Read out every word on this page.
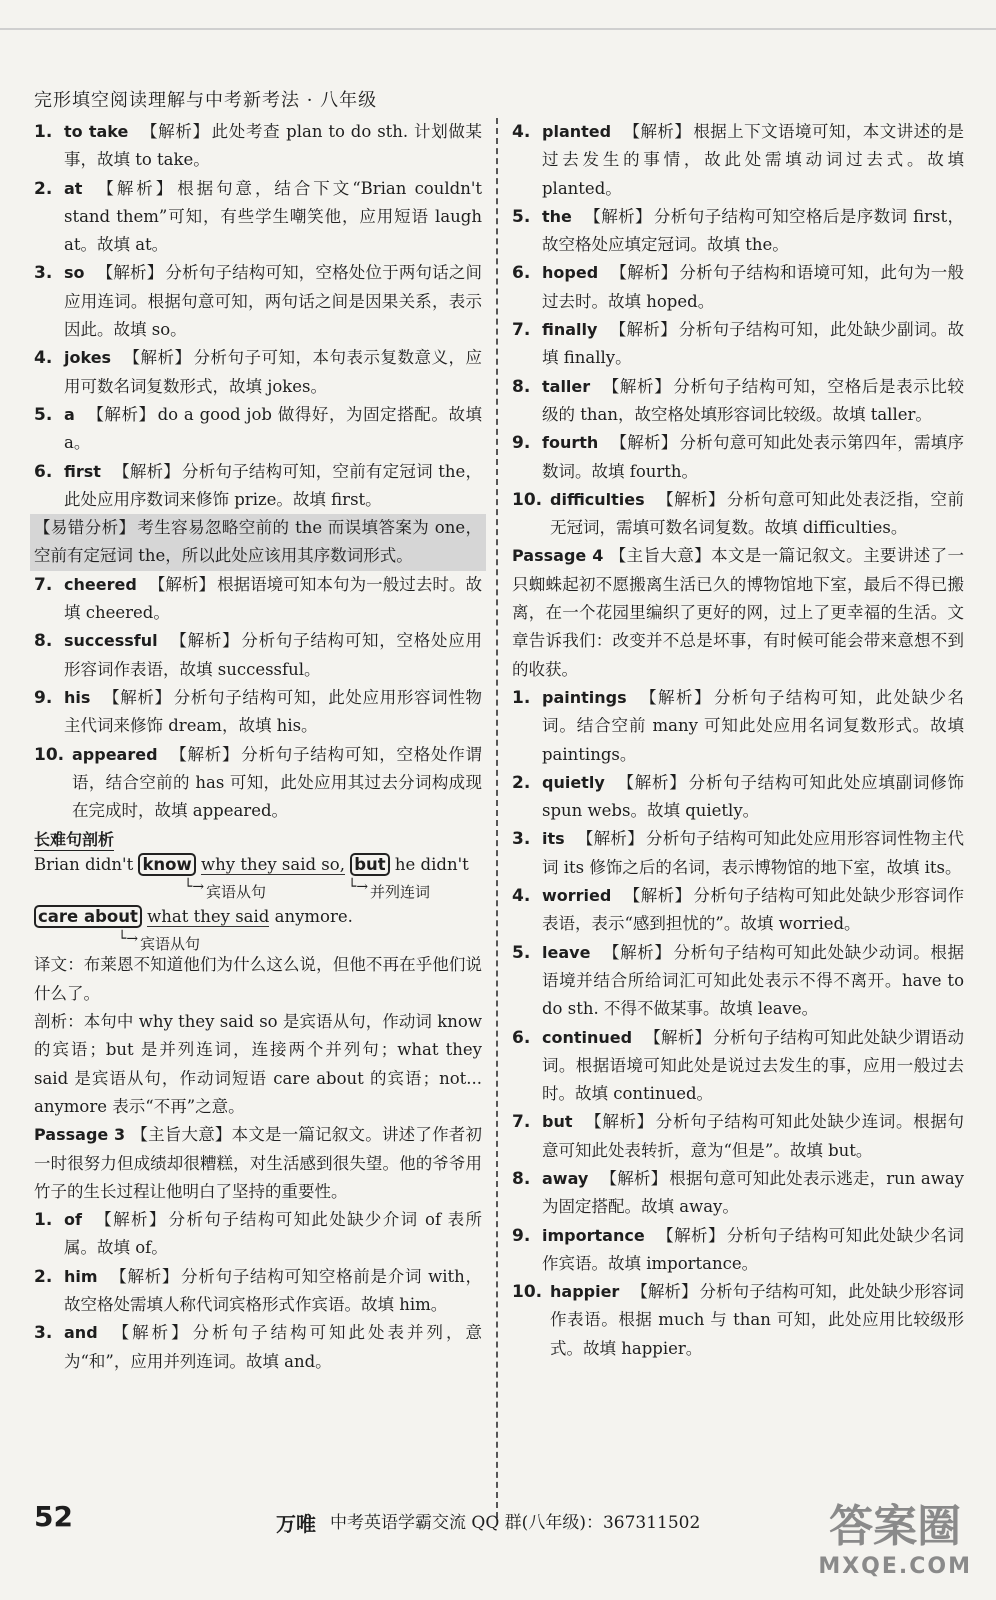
完形填空阅读理解与中考新考法 · 八年级
1. to take 【解析】 此处考查 plan to do sth. 计划做某事，故填 to take。
2. at 【解析】 根据句意，结合下文“Brian couldn't stand them”可知，有些学生嘲笑他，应用短语 laugh at。故填 at。
3. so 【解析】 分析句子结构可知，空格处位于两句话之间应用连词。根据句意可知，两句话之间是因果关系，表示因此。故填 so。
4. jokes 【解析】 分析句子可知，本句表示复数意义，应用可数名词复数形式，故填 jokes。
5. a 【解析】 do a good job 做得好，为固定搭配。故填 a。
6. first 【解析】 分析句子结构可知，空前有定冠词 the，此处应用序数词来修饰 prize。故填 first。
【易错分析】 考生容易忽略空前的 the 而误填答案为 one，空前有定冠词 the，所以此处应该用其序数词形式。
7. cheered 【解析】 根据语境可知本句为一般过去时。故填 cheered。
8. successful 【解析】 分析句子结构可知，空格处应用形容词作表语，故填 successful。
9. his 【解析】 分析句子结构可知，此处应用形容词性物主代词来修饰 dream，故填 his。
10. appeared 【解析】 分析句子结构可知，空格处作谓语，结合空前的 has 可知，此处应用其过去分词构成现在完成时，故填 appeared。
长难句剖析
Brian didn't know why they said so, but he didn't
└→ 宾语从句	└→ 并列连词
care about what they said anymore.
└→ 宾语从句
译文：布莱恩不知道他们为什么这么说，但他不再在乎他们说什么了。
剖析：本句中 why they said so 是宾语从句，作动词 know 的宾语；but 是并列连词，连接两个并列句；what they said 是宾语从句，作动词短语 care about 的宾语；not... anymore 表示“不再”之意。
Passage 3 【主旨大意】本文是一篇记叙文。讲述了作者初一时很努力但成绩却很糟糕，对生活感到很失望。他的爷爷用竹子的生长过程让他明白了坚持的重要性。
1. of 【解析】 分析句子结构可知此处缺少介词 of 表所属。故填 of。
2. him 【解析】 分析句子结构可知空格前是介词 with，故空格处需填人称代词宾格形式作宾语。故填 him。
3. and 【解析】 分析句子结构可知此处表并列，意为“和”，应用并列连词。故填 and。
4. planted 【解析】 根据上下文语境可知，本文讲述的是过去发生的事情，故此处需填动词过去式。故填 planted。
5. the 【解析】 分析句子结构可知空格后是序数词 first，故空格处应填定冠词。故填 the。
6. hoped 【解析】 分析句子结构和语境可知，此句为一般过去时。故填 hoped。
7. finally 【解析】 分析句子结构可知，此处缺少副词。故填 finally。
8. taller 【解析】 分析句子结构可知，空格后是表示比较级的 than，故空格处填形容词比较级。故填 taller。
9. fourth 【解析】 分析句意可知此处表示第四年，需填序数词。故填 fourth。
10. difficulties 【解析】 分析句意可知此处表泛指，空前无冠词，需填可数名词复数。故填 difficulties。
Passage 4 【主旨大意】本文是一篇记叙文。主要讲述了一只蜘蛛起初不愿搬离生活已久的博物馆地下室，最后不得已搬离，在一个花园里编织了更好的网，过上了更幸福的生活。文章告诉我们：改变并不总是坏事，有时候可能会带来意想不到的收获。
1. paintings 【解析】 分析句子结构可知，此处缺少名词。结合空前 many 可知此处应用名词复数形式。故填 paintings。
2. quietly 【解析】 分析句子结构可知此处应填副词修饰 spun webs。故填 quietly。
3. its 【解析】 分析句子结构可知此处应用形容词性物主代词 its 修饰之后的名词，表示博物馆的地下室，故填 its。
4. worried 【解析】 分析句子结构可知此处缺少形容词作表语，表示“感到担忧的”。故填 worried。
5. leave 【解析】 分析句子结构可知此处缺少动词。根据语境并结合所给词汇可知此处表示不得不离开。have to do sth. 不得不做某事。故填 leave。
6. continued 【解析】 分析句子结构可知此处缺少谓语动词。根据语境可知此处是说过去发生的事，应用一般过去时。故填 continued。
7. but 【解析】 分析句子结构可知此处缺少连词。根据句意可知此处表转折，意为“但是”。故填 but。
8. away 【解析】 根据句意可知此处表示逃走，run away 为固定搭配。故填 away。
9. importance 【解析】 分析句子结构可知此处缺少名词作宾语。故填 importance。
10. happier 【解析】 分析句子结构可知，此处缺少形容词作表语。根据 much 与 than 可知，此处应用比较级形式。故填 happier。
52	万唯 中考英语学霸交流 QQ 群(八年级)：367311502	答案圈
MXQE.COM
